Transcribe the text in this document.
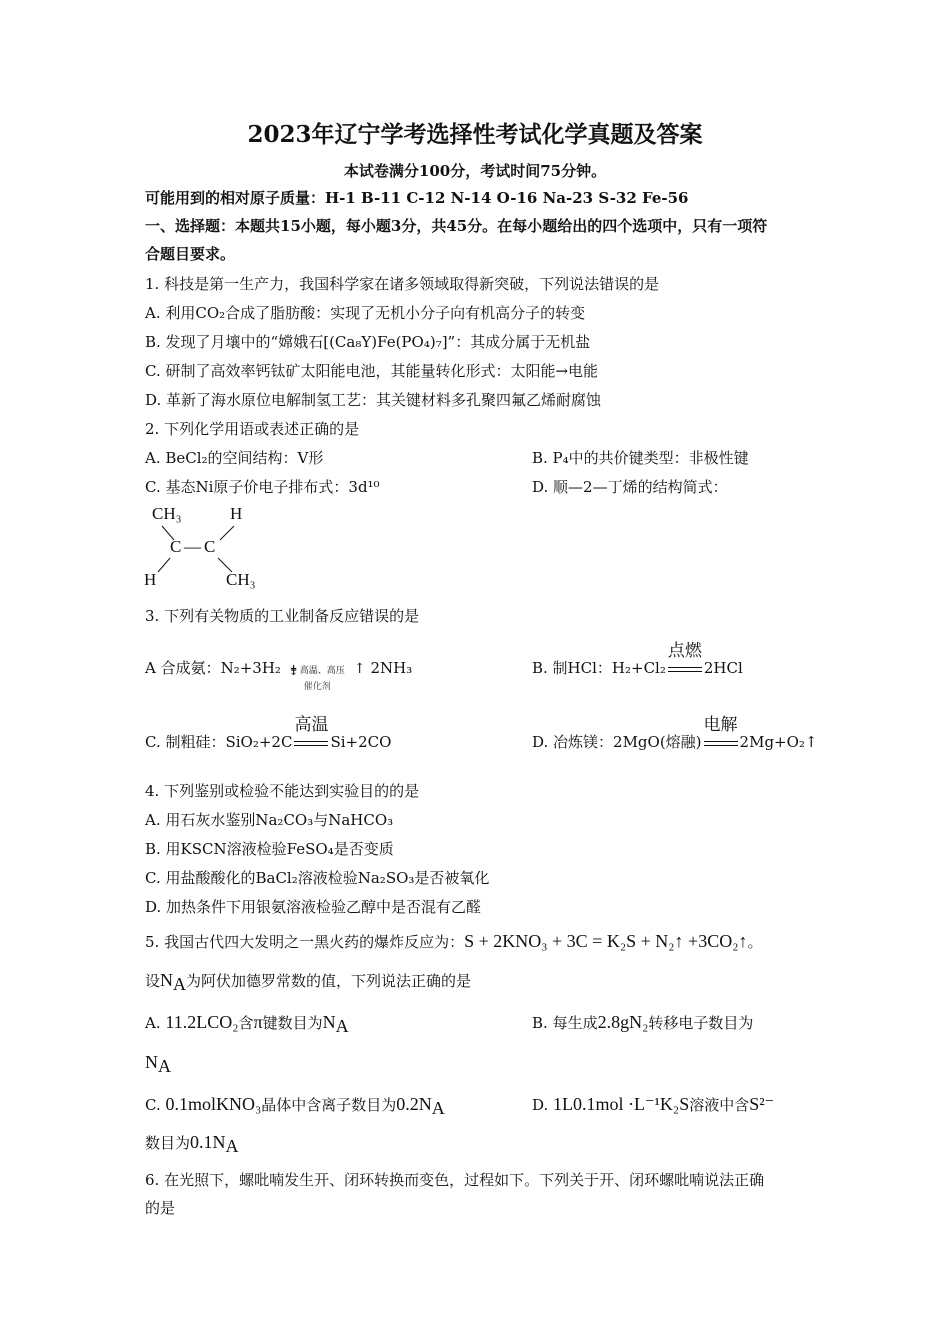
2023年辽宁学考选择性考试化学真题及答案
本试卷满分100分，考试时间75分钟。
可能用到的相对原子质量：H-1 B-11 C-12 N-14 O-16 Na-23 S-32 Fe-56
一、选择题：本题共15小题，每小题3分，共45分。在每小题给出的四个选项中，只有一项符
合题目要求。
1. 科技是第一生产力，我国科学家在诸多领域取得新突破，下列说法错误的是
A. 利用CO₂合成了脂肪酸：实现了无机小分子向有机高分子的转变
B. 发现了月壤中的“嫦娥石[(Ca₈Y)Fe(PO₄)₇]”：其成分属于无机盐
C. 研制了高效率钙钛矿太阳能电池，其能量转化形式：太阳能→电能
D. 革新了海水原位电解制氢工艺：其关键材料多孔聚四氟乙烯耐腐蚀
2. 下列化学用语或表述正确的是
A. BeCl₂的空间结构：V形	B. P₄中的共价键类型：非极性键
C. 基态Ni原子价电子排布式：3d¹⁰	D. 顺—2—丁烯的结构简式：
CH₃	H
C — C
H	CH₃
3. 下列有关物质的工业制备反应错误的是
A 合成氨：N₂+3H₂ 高温、高压
催化剂
⇟	↑ 2NH₃	B. 制HCl：H₂+Cl₂
点燃
2HCl
C. 制粗硅：SiO₂+2C
高温
Si+2CO	D. 冶炼镁：2MgO(熔融)
电解
2Mg+O₂↑
4. 下列鉴别或检验不能达到实验目的的是
A. 用石灰水鉴别Na₂CO₃与NaHCO₃
B. 用KSCN溶液检验FeSO₄是否变质
C. 用盐酸酸化的BaCl₂溶液检验Na₂SO₃是否被氧化
D. 加热条件下用银氨溶液检验乙醇中是否混有乙醛
5. 我国古代四大发明之一黑火药的爆炸反应为：S + 2KNO₃ + 3C = K₂S + N₂↑ +3CO₂↑。
设$N_A$为阿伏加德罗常数的值，下列说法正确的是
A. 11.2LCO₂含π键数目为$N_A$	B. 每生成2.8gN₂转移电子数目为
$N_A$
C. 0.1molKNO₃晶体中含离子数目为$0.2N_A$	D. 1L0.1mol ·L⁻¹K₂S溶液中含S²⁻
数目为$0.1N_A$
6. 在光照下，螺吡喃发生开、闭环转换而变色，过程如下。下列关于开、闭环螺吡喃说法正确
的是
